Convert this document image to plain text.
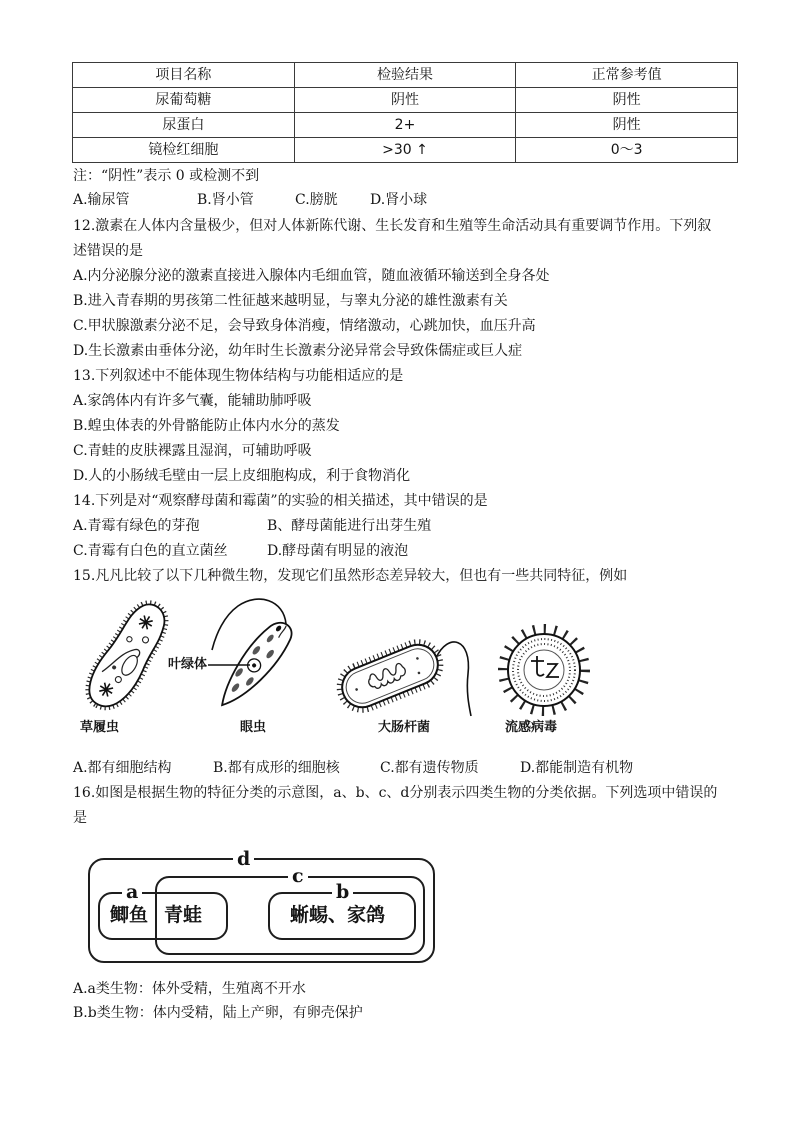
项目名称	检验结果	正常参考值
尿葡萄糖	阴性	阴性
尿蛋白	2+	阴性
镜检红细胞	>30 ↑	0～3
注：“阴性”表示 0 或检测不到
A.输尿管	B.肾小管	C.膀胱 D.肾小球
12.激素在人体内含量极少，但对人体新陈代谢、生长发育和生殖等生命活动具有重要调节作用。下列叙
述错误的是
A.内分泌腺分泌的激素直接进入腺体内毛细血管，随血液循环输送到全身各处
B.进入青春期的男孩第二性征越来越明显，与睾丸分泌的雄性激素有关
C.甲状腺激素分泌不足，会导致身体消瘦，情绪激动，心跳加快，血压升高
D.生长激素由垂体分泌，幼年时生长激素分泌异常会导致侏儒症或巨人症
13.下列叙述中不能体现生物体结构与功能相适应的是
A.家鸽体内有许多气囊，能辅助肺呼吸
B.蝗虫体表的外骨骼能防止体内水分的蒸发
C.青蛙的皮肤裸露且湿润，可辅助呼吸
D.人的小肠绒毛壁由一层上皮细胞构成，利于食物消化
14.下列是对“观察酵母菌和霉菌”的实验的相关描述，其中错误的是
A.青霉有绿色的芽孢	B、酵母菌能进行出芽生殖
C.青霉有白色的直立菌丝	D.酵母菌有明显的液泡
15.凡凡比较了以下几种微生物，发现它们虽然形态差异较大，但也有一些共同特征，例如
草履虫
叶绿体
眼虫	大肠杆菌	流感病毒
A.都有细胞结构	B.都有成形的细胞核	C.都有遗传物质	D.都能制造有机物
16.如图是根据生物的特征分类的示意图，a、b、c、d分别表示四类生物的分类依据。下列选项中错误的
是
d
c
a	b
鲫鱼 青蛙	蜥蜴、家鸽
A.a类生物：体外受精，生殖离不开水
B.b类生物：体内受精，陆上产卵，有卵壳保护
